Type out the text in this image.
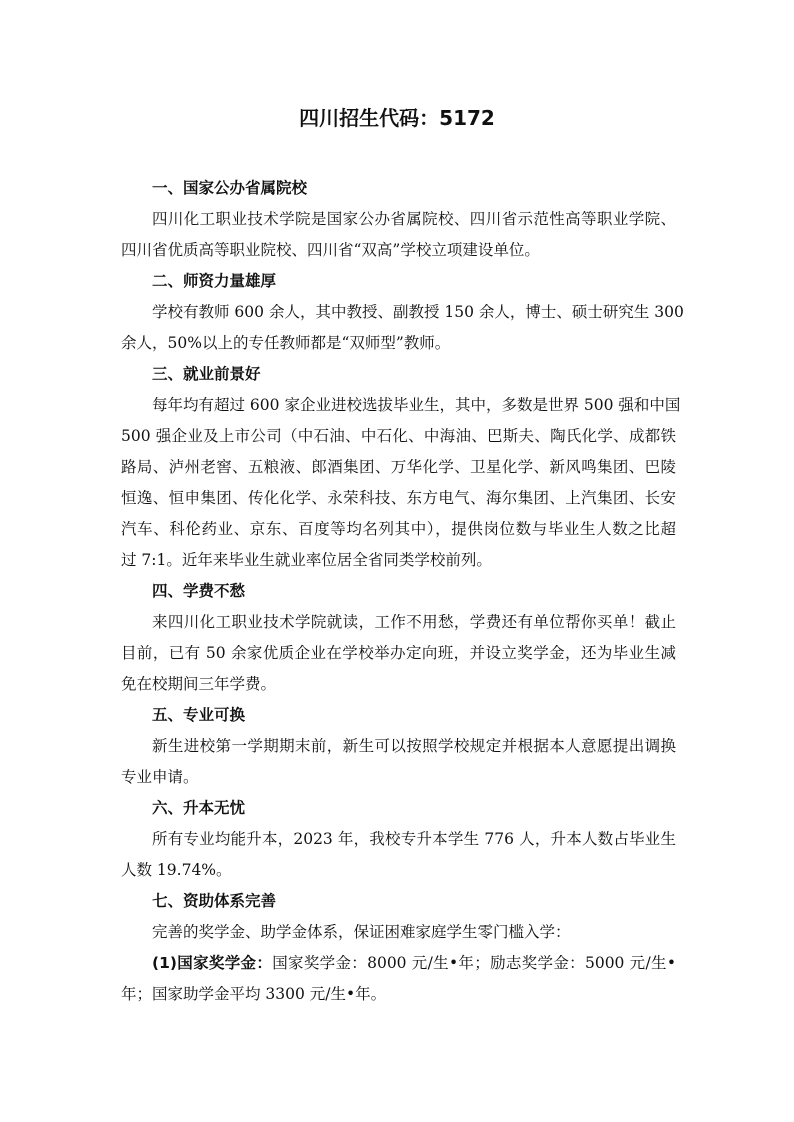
四川招生代码：5172
一、国家公办省属院校
四川化工职业技术学院是国家公办省属院校、四川省示范性高等职业学院、
四川省优质高等职业院校、四川省“双高”学校立项建设单位。
二、师资力量雄厚
学校有教师 600 余人，其中教授、副教授 150 余人，博士、硕士研究生 300
余人，50%以上的专任教师都是“双师型”教师。
三、就业前景好
每年均有超过 600 家企业进校选拔毕业生，其中，多数是世界 500 强和中国
500 强企业及上市公司（中石油、中石化、中海油、巴斯夫、陶氏化学、成都铁
路局、泸州老窖、五粮液、郎酒集团、万华化学、卫星化学、新风鸣集团、巴陵
恒逸、恒申集团、传化化学、永荣科技、东方电气、海尔集团、上汽集团、长安
汽车、科伦药业、京东、百度等均名列其中），提供岗位数与毕业生人数之比超
过 7:1。近年来毕业生就业率位居全省同类学校前列。
四、学费不愁
来四川化工职业技术学院就读，工作不用愁，学费还有单位帮你买单！截止
目前，已有 50 余家优质企业在学校举办定向班，并设立奖学金，还为毕业生减
免在校期间三年学费。
五、专业可换
新生进校第一学期期末前，新生可以按照学校规定并根据本人意愿提出调换
专业申请。
六、升本无忧
所有专业均能升本，2023 年，我校专升本学生 776 人，升本人数占毕业生
人数 19.74%。
七、资助体系完善
完善的奖学金、助学金体系，保证困难家庭学生零门槛入学：
(1)国家奖学金：国家奖学金：8000 元/生•年；励志奖学金：5000 元/生•
年；国家助学金平均 3300 元/生•年。
